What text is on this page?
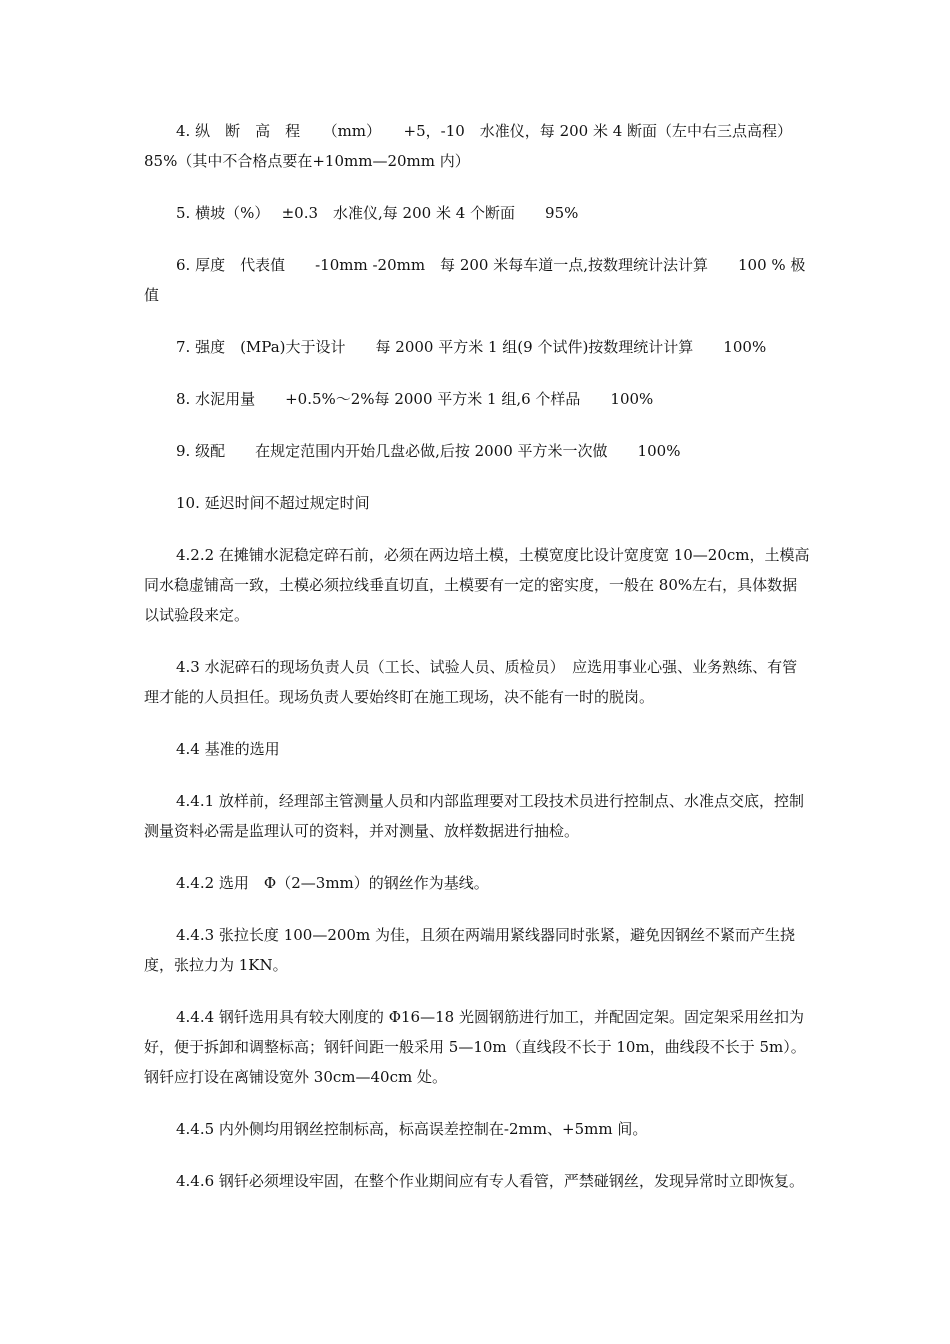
4. 纵　断　高　程　　（mm）　　+5，-10　水准仪，每 200 米 4 断面（左中右三点高程）　　85%（其中不合格点要在+10mm—20mm 内）

5. 横坡（%）　 ±0.3　水准仪,每 200 米 4 个断面　　95%

6. 厚度　代表值　　-10mm -20mm　每 200 米每车道一点,按数理统计法计算　　100 % 极值

7. 强度　(MPa)大于设计　　每 2000 平方米 1 组(9 个试件)按数理统计计算　　100%

8. 水泥用量　　+0.5%～2%每 2000 平方米 1 组,6 个样品　　100%

9. 级配　　在规定范围内开始几盘必做,后按 2000 平方米一次做　　100%

10. 延迟时间不超过规定时间

4.2.2 在摊铺水泥稳定碎石前，必须在两边培土模，土模宽度比设计宽度宽 10—20cm，土模高同水稳虚铺高一致，土模必须拉线垂直切直，土模要有一定的密实度，一般在 80%左右，具体数据以试验段来定。

4.3 水泥碎石的现场负责人员（工长、试验人员、质检员）　应选用事业心强、业务熟练、有管理才能的人员担任。现场负责人要始终盯在施工现场，决不能有一时的脱岗。

4.4 基准的选用

4.4.1 放样前，经理部主管测量人员和内部监理要对工段技术员进行控制点、水准点交底，控制测量资料必需是监理认可的资料，并对测量、放样数据进行抽检。

4.4.2 选用　Φ（2—3mm）的钢丝作为基线。

4.4.3 张拉长度 100—200m 为佳，且须在两端用紧线器同时张紧，避免因钢丝不紧而产生挠度，张拉力为 1KN。

4.4.4 钢钎选用具有较大刚度的 Φ16—18 光圆钢筋进行加工，并配固定架。固定架采用丝扣为好，便于拆卸和调整标高；钢钎间距一般采用 5—10m（直线段不长于 10m，曲线段不长于 5m）。钢钎应打设在离铺设宽外 30cm—40cm 处。

4.4.5 内外侧均用钢丝控制标高，标高误差控制在-2mm、+5mm 间。

4.4.6 钢钎必须埋设牢固，在整个作业期间应有专人看管，严禁碰钢丝，发现异常时立即恢复。
